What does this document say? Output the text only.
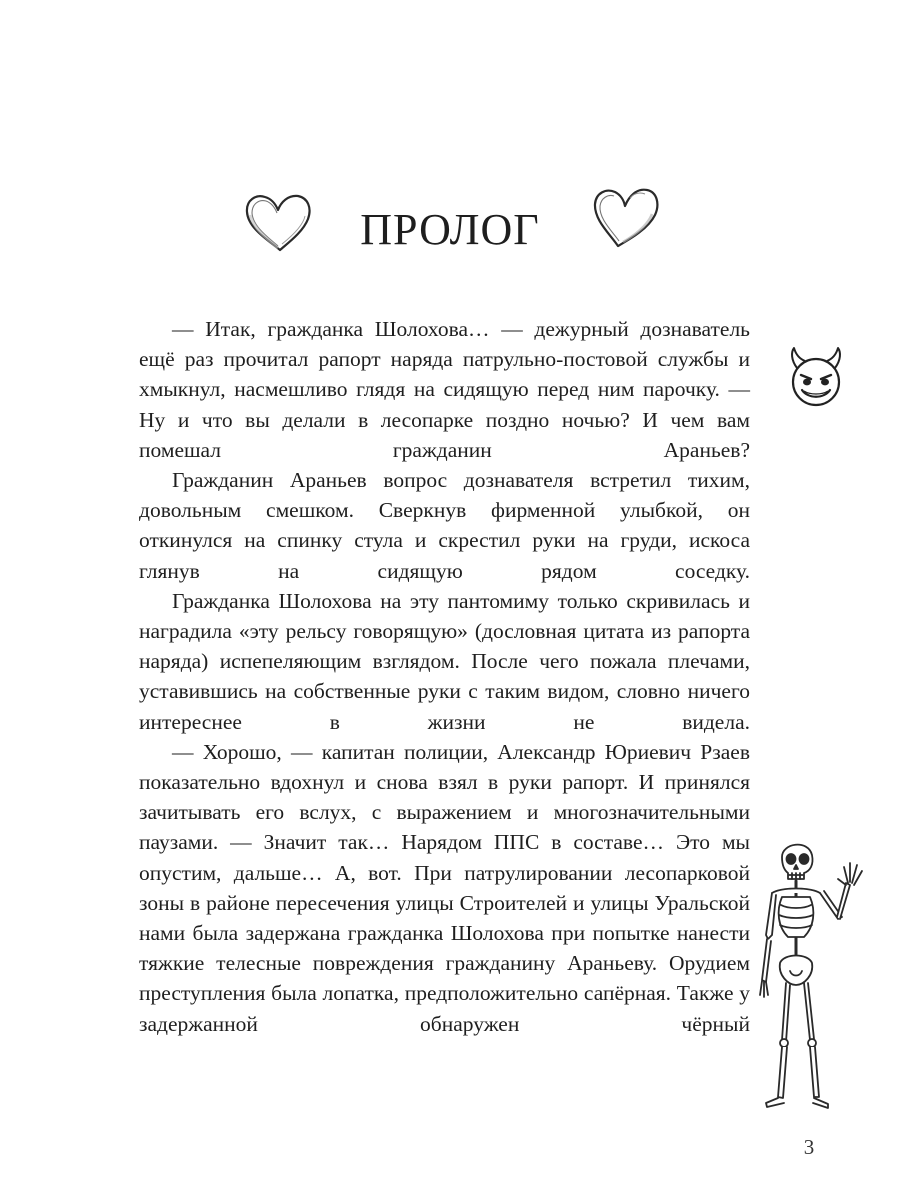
ПРОЛОГ

— Итак, гражданка Шолохова… — дежурный дознаватель ещё раз прочитал рапорт наряда патрульно-постовой службы и хмыкнул, насмешливо глядя на сидящую перед ним парочку. — Ну и что вы делали в лесопарке поздно ночью? И чем вам помешал гражданин Араньев?

Гражданин Араньев вопрос дознавателя встретил тихим, довольным смешком. Сверкнув фирменной улыбкой, он откинулся на спинку стула и скрестил руки на груди, искоса глянув на сидящую рядом соседку.

Гражданка Шолохова на эту пантомиму только скривилась и наградила «эту рельсу говорящую» (дословная цитата из рапорта наряда) испепеляющим взглядом. После чего пожала плечами, уставившись на собственные руки с таким видом, словно ничего интереснее в жизни не видела.

— Хорошо, — капитан полиции, Александр Юриевич Рзаев показательно вдохнул и снова взял в руки рапорт. И принялся зачитывать его вслух, с выражением и многозначительными паузами. — Значит так… Нарядом ППС в составе… Это мы опустим, дальше… А, вот. При патрулировании лесопарковой зоны в районе пересечения улицы Строителей и улицы Уральской нами была задержана гражданка Шолохова при попытке нанести тяжкие телесные повреждения гражданину Араньеву. Орудием преступления была лопатка, предположительно сапёрная. Также у задержанной обнаружен чёрный

3
